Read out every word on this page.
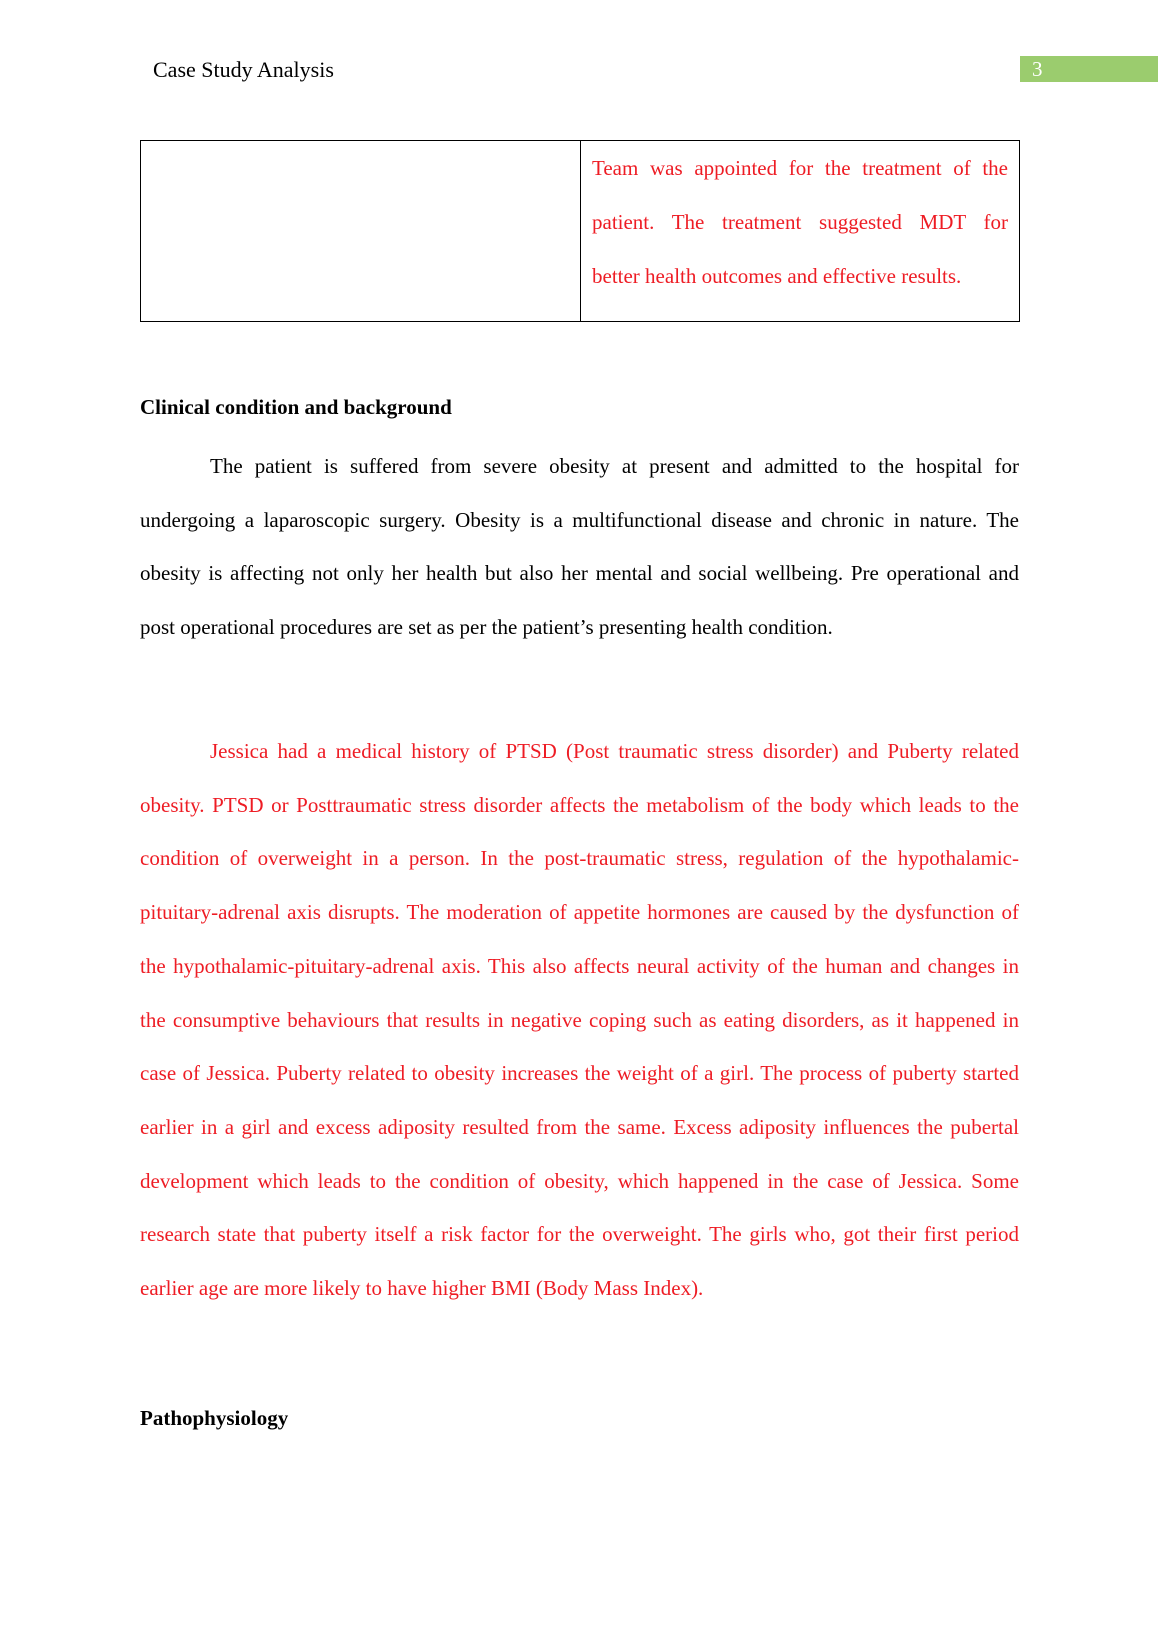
Case Study Analysis	3
Team was appointed for the treatment of the
patient. The treatment suggested MDT for
better health outcomes and effective results.
Clinical condition and background

The patient is suffered from severe obesity at present and admitted to the hospital for undergoing a laparoscopic surgery. Obesity is a multifunctional disease and chronic in nature. The obesity is affecting not only her health but also her mental and social wellbeing. Pre operational and post operational procedures are set as per the patient’s presenting health condition.

Jessica had a medical history of PTSD (Post traumatic stress disorder) and Puberty related obesity. PTSD or Posttraumatic stress disorder affects the metabolism of the body which leads to the condition of overweight in a person. In the post-traumatic stress, regulation of the hypothalamic-pituitary-adrenal axis disrupts. The moderation of appetite hormones are caused by the dysfunction of the hypothalamic-pituitary-adrenal axis. This also affects neural activity of the human and changes in the consumptive behaviours that results in negative coping such as eating disorders, as it happened in case of Jessica. Puberty related to obesity increases the weight of a girl. The process of puberty started earlier in a girl and excess adiposity resulted from the same. Excess adiposity influences the pubertal development which leads to the condition of obesity, which happened in the case of Jessica. Some research state that puberty itself a risk factor for the overweight. The girls who, got their first period earlier age are more likely to have higher BMI (Body Mass Index).

Pathophysiology
